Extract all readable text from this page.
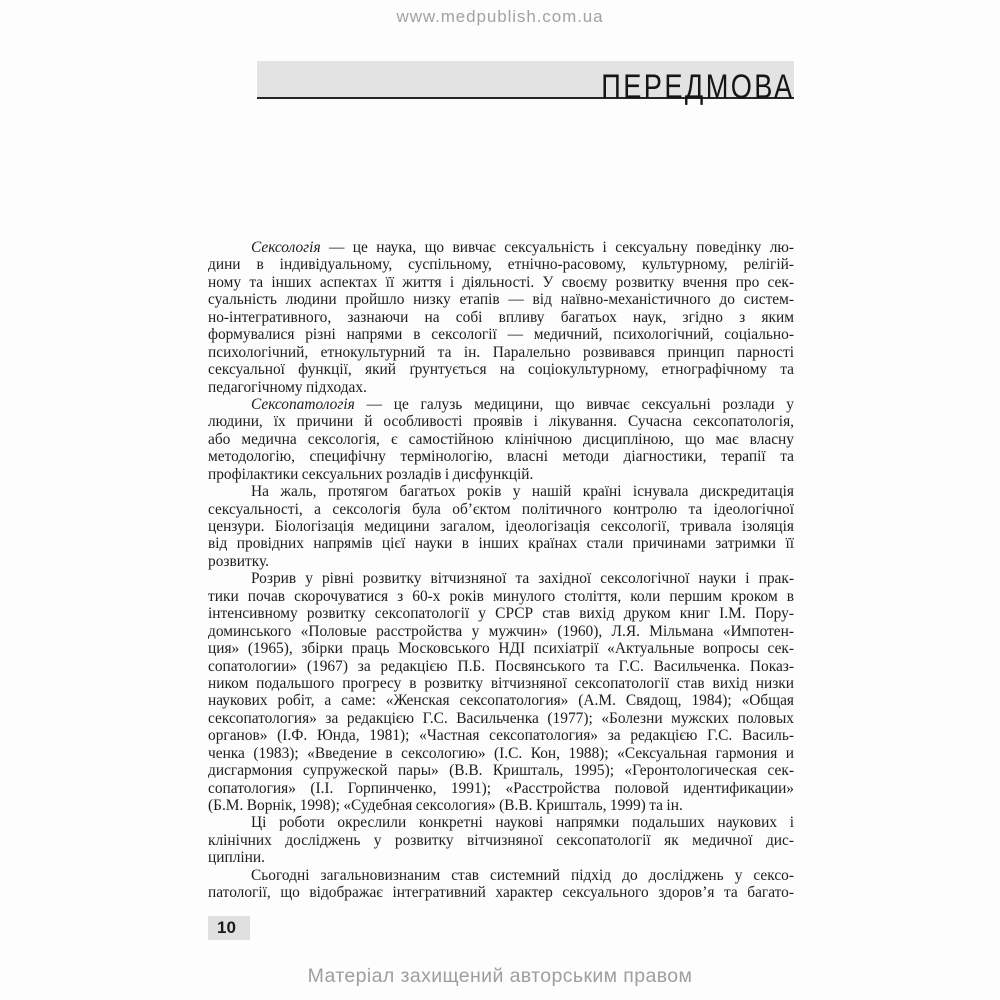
www.medpublish.com.ua
ПЕРЕДМОВА
Сексологія — це наука, що вивчає сексуальність і сексуальну поведінку лю-
дини в індивідуальному, суспільному, етнічно-расовому, культурному, релігій-
ному та інших аспектах її життя і діяльності. У своєму розвитку вчення про сек-
суальність людини пройшло низку етапів — від наївно-механістичного до систем-
но-інтегративного, зазнаючи на собі впливу багатьох наук, згідно з яким
формувалися різні напрями в сексології — медичний, психологічний, соціально-
психологічний, етнокультурний та ін. Паралельно розвивався принцип парності
сексуальної функції, який ґрунтується на соціокультурному, етнографічному та
педагогічному підходах.
Сексопатологія — це галузь медицини, що вивчає сексуальні розлади у
людини, їх причини й особливості проявів і лікування. Сучасна сексопатологія,
або медична сексологія, є самостійною клінічною дисципліною, що має власну
методологію, специфічну термінологію, власні методи діагностики, терапії та
профілактики сексуальних розладів і дисфункцій.
На жаль, протягом багатьох років у нашій країні існувала дискредитація
сексуальності, а сексологія була об’єктом політичного контролю та ідеологічної
цензури. Біологізація медицини загалом, ідеологізація сексології, тривала ізоляція
від провідних напрямів цієї науки в інших країнах стали причинами затримки її
розвитку.
Розрив у рівні розвитку вітчизняної та західної сексологічної науки і прак-
тики почав скорочуватися з 60-х років минулого століття, коли першим кроком в
інтенсивному розвитку сексопатології у СРСР став вихід друком книг І.М. Пору-
доминського «Половые расстройства у мужчин» (1960), Л.Я. Мільмана «Импотен-
ция» (1965), збірки праць Московського НДІ психіатрії «Актуальные вопросы сек-
сопатологии» (1967) за редакцією П.Б. Посвянського та Г.С. Васильченка. Показ-
ником подальшого прогресу в розвитку вітчизняної сексопатології став вихід низки
наукових робіт, а саме: «Женская сексопатология» (А.М. Свядощ, 1984); «Общая
сексопатология» за редакцією Г.С. Васильченка (1977); «Болезни мужских половых
органов» (І.Ф. Юнда, 1981); «Частная сексопатология» за редакцією Г.С. Василь-
ченка (1983); «Введение в сексологию» (І.С. Кон, 1988); «Сексуальная гармония и
дисгармония супружеской пары» (В.В. Кришталь, 1995); «Геронтологическая сек-
сопатология» (І.І. Горпинченко, 1991); «Расстройства половой идентификации»
(Б.М. Ворнік, 1998); «Судебная сексология» (В.В. Кришталь, 1999) та ін.
Ці роботи окреслили конкретні наукові напрямки подальших наукових і
клінічних досліджень у розвитку вітчизняної сексопатології як медичної дис-
ципліни.
Сьогодні загальновизнаним став системний підхід до досліджень у сексо-
патології, що відображає інтегративний характер сексуального здоров’я та багато-
10
Матеріал захищений авторським правом
